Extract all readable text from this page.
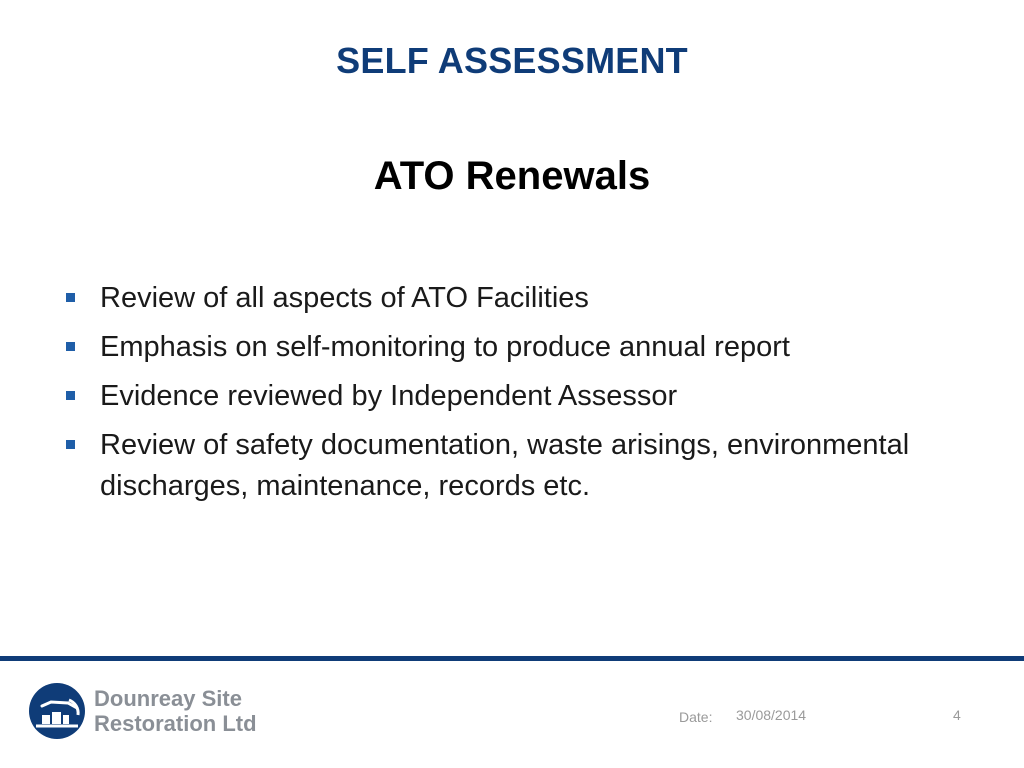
SELF ASSESSMENT
ATO Renewals
Review of all aspects of ATO Facilities
Emphasis on self-monitoring to produce annual report
Evidence reviewed by Independent Assessor
Review of safety documentation, waste arisings, environmental discharges, maintenance, records etc.
Dounreay Site
Restoration Ltd	Date: 30/08/2014	4
